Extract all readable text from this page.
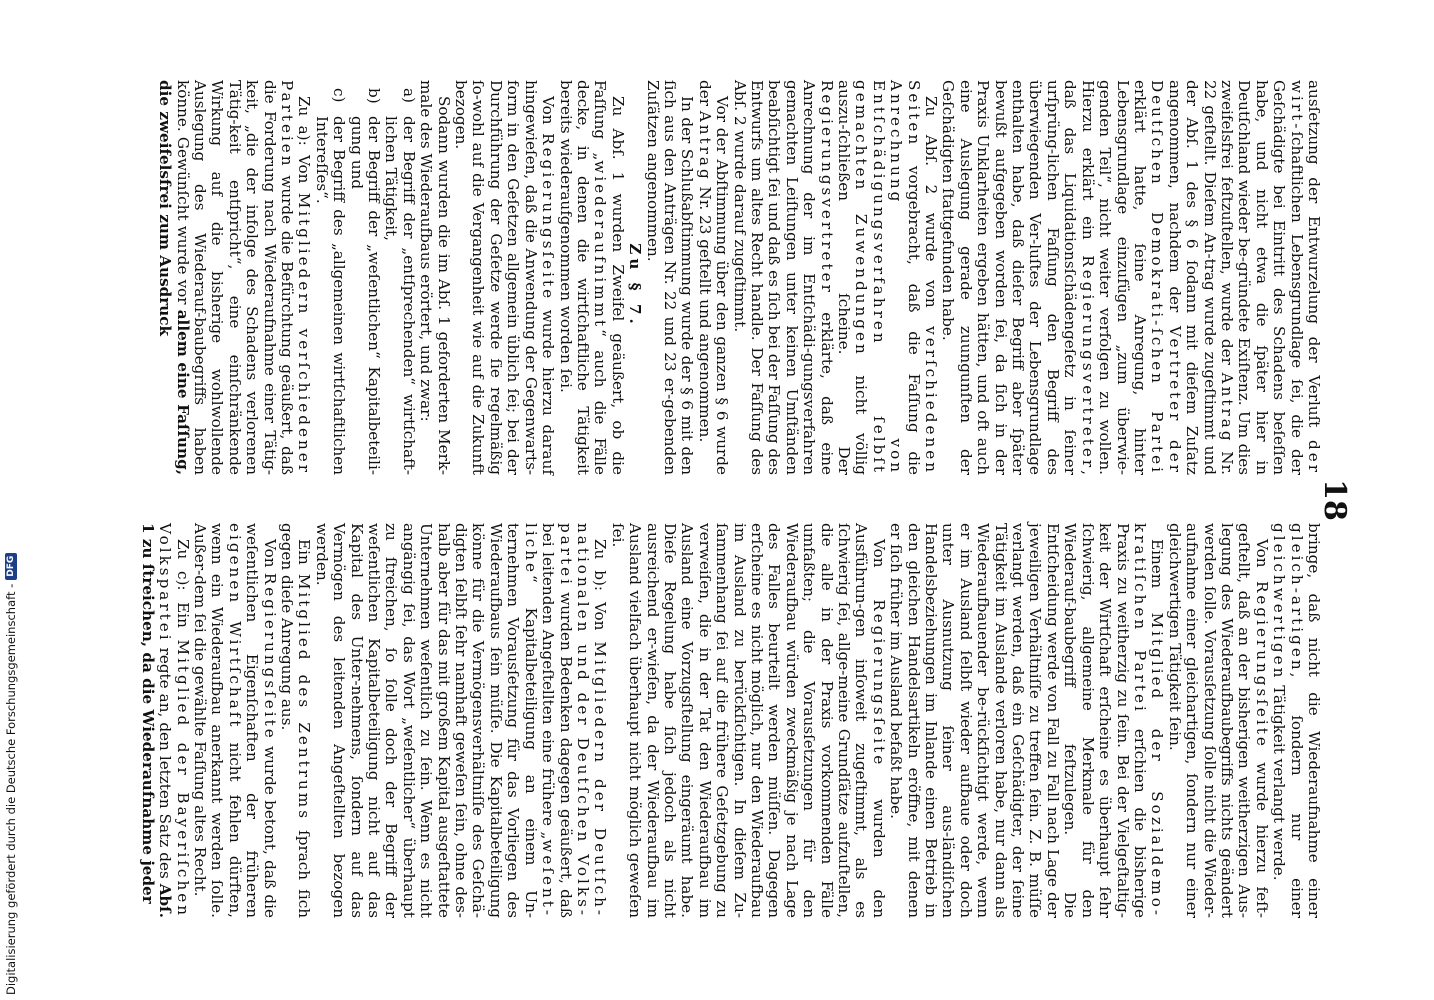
18

ausſetzung der Entwurzelung der Verluſt der wirt-ſchaftlichen Lebensgrundlage ſei, die der Geſchädigte bei Eintritt des Schadens beſeſſen habe, und nicht etwa die ſpäter hier in Deutſchland wieder be-gründete Exiſtenz. Um dies zweifelsfrei feſtzuſtellen, wurde der Antrag Nr. 22 geſtellt. Dieſem An-trag wurde zugeſtimmt und der Abſ. 1 des § 6 ſodann mit dieſem Zuſatz angenommen, nachdem der Vertreter der Deutſchen Demokrati-ſchen Partei erklärt hatte, ſeine Anregung, hinter Lebensgrundlage einzufügen „zum überwie-genden Teil“, nicht weiter verfolgen zu wollen. Hierzu erklärt ein Regierungsvertreter, daß das Liquidationsſchädengeſetz in ſeiner urſprüng-lichen Faſſung den Begriff des überwiegenden Ver-luſtes der Lebensgrundlage enthalten habe, daß dieſer Begriff aber ſpäter bewußt aufgegeben worden ſei, da ſich in der Praxis Unklarheiten ergeben hätten, und oft auch eine Auslegung gerade zuungunſten der Geſchädigten ſtattgefunden habe.

Zu Abſ. 2 wurde von verſchiedenen Seiten vorgebracht, daß die Faſſung die Anrechnung von Entſchädigungsverfahren ſelbſt gemachten Zuwendungen nicht völlig auszu-ſchließen ſcheine. Der Regierungsvertreter erklärte, daß eine Anrechnung der im Entſchädi-gungsverfahren gemachten Leiſtungen unter keinen Umſtänden beabſichtigt ſei und daß es ſich bei der Faſſung des Entwurfs um altes Recht handle. Der Faſſung des Abſ. 2 wurde darauf zugeſtimmt.

Vor der Abſtimmung über den ganzen § 6 wurde der Antrag Nr. 23 geſtellt und angenommen.

In der Schlußabſtimmung wurde der § 6 mit den ſich aus den Anträgen Nr. 22 und 23 er-gebenden Zuſätzen angenommen.

Zu § 7.

Zu Abſ. 1 wurden Zweifel geäußert, ob die Faſſung „wiederaufnimmt“ auch die Fälle decke, in denen die wirtſchaftliche Tätigkeit bereits wiederaufgenommen worden ſei.

Von Regierungsſeite wurde hierzu darauf hingewieſen, daß die Anwendung der Gegenwarts-form in den Geſetzen allgemein üblich ſei; bei der Durchführung der Geſetze werde ſie regelmäßig ſo-wohl auf die Vergangenheit wie auf die Zukunft bezogen.

Sodann wurden die im Abſ. 1 geforderten Merk-male des Wiederaufbaus erörtert, und zwar:

a)
der Begriff der „entſprechenden“ wirtſchaft-lichen Tätigkeit,
b)
der Begriff der „weſentlichen“ Kapitalbeteili-gung und
c)
der Begriff des „allgemeinen wirtſchaftlichen Intereſſes“.

Zu a): Von Mitgliedern verſchiedener Parteien wurde die Befürchtung geäußert, daß die Forderung nach Wiederaufnahme einer Tätig-keit, „die der infolge des Schadens verlorenen Tätig-keit entſpricht“, eine einſchränkende Wirkung auf die bisherige wohlwollende Auslegung des Wiederauf-baubegriffs haben könne. Gewünſcht wurde vor allem eine Faſſung, die zweifelsfrei zum Ausdruck

bringe, daß nicht die Wiederaufnahme einer gleich-artigen, ſondern nur einer gleichwertigen Tätigkeit verlangt werde.

Von Regierungsſeite wurde hierzu feſt-geſtellt, daß an der bisherigen weitherzigen Aus-legung des Wiederaufbaubegriffs nichts geändert werden ſolle. Vorausſetzung ſolle nicht die Wieder-aufnahme einer gleichartigen, ſondern nur einer gleichwertigen Tätigkeit ſein.

Einem Mitglied der Sozialdemo-kratiſchen Partei erſchien die bisherige Praxis zu weitherzig zu ſein. Bei der Vielgeſtaltig-keit der Wirtſchaft erſcheine es überhaupt ſehr ſchwierig, allgemeine Merkmale für den Wiederauf-baubegriff feſtzulegen. Die Entſcheidung werde von Fall zu Fall nach Lage der jeweiligen Verhältniſſe zu treffen ſein. Z. B. müſſe verlangt werden, daß ein Geſchädigter, der ſeine Tätigkeit im Auslande verloren habe, nur dann als Wiederaufbauender be-rückſichtigt werde, wenn er im Ausland ſelbſt wieder aufbaue oder doch unter Ausnutzung ſeiner aus-ländiſchen Handelsbeziehungen im Inlande einen Betrieb in den gleichen Handelsartikeln eröffne, mit denen er ſich früher im Ausland befaßt habe.

Von Regierungsſeite wurden den Ausführun-gen inſoweit zugeſtimmt, als es ſchwierig ſei, allge-meine Grundſätze aufzuſtellen, die alle in der Praxis vorkommenden Fälle umfaßten; die Vorausſetzungen für den Wiederaufbau würden zweckmäßig je nach Lage des Falles beurteilt werden müſſen. Dagegen erſcheine es nicht möglich, nur den Wiederaufbau im Ausland zu berückſichtigen. In dieſem Zu-ſammenhang ſei auf die frühere Geſetzgebung zu verweiſen, die in der Tat den Wiederaufbau im Ausland eine Vorzugsſtellung eingeräumt habe. Dieſe Regelung habe ſich jedoch als nicht ausreichend er-wieſen, da der Wiederaufbau im Ausland vielfach überhaupt nicht möglich geweſen ſei.

Zu b): Von Mitgliedern der Deutſch-nationalen und der Deutſchen Volks-partei wurden Bedenken dagegen geäußert, daß bei leitenden Angeſtellten eine frühere „weſent-liche“ Kapitalbeteiligung an einem Un-ternehmen Vorausſetzung für das Vorliegen des Wiederaufbaus ſein müſſe. Die Kapitalbeteiligung könne für die Vermögensverhältniſſe des Geſchä-digten ſelbſt ſehr namhaft geweſen ſein, ohne des-halb aber für das mit großem Kapital ausgeſtattete Unternehmen weſentlich zu ſein. Wenn es nicht angängig ſei, das Wort „weſentlicher“ überhaupt zu ſtreichen, ſo ſolle doch der Begriff der weſentlichen Kapitalbeteiligung nicht auf das Kapital des Unter-nehmens, ſondern auf das Vermögen des leitenden Angeſtellten bezogen werden.

Ein Mitglied des Zentrums ſprach ſich gegen dieſe Anregung aus.

Von Regierungsſeite wurde betont, daß die weſentlichen Eigenſchaften der früheren eigenen Wirtſchaft nicht fehlen dürften, wenn ein Wiederaufbau anerkannt werden ſolle. Außer-dem ſei die gewählte Faſſung altes Recht.

Zu c): Ein Mitglied der Bayeriſchen Volkspartei regte an, den letzten Satz des Abſ. 1 zu ſtreichen, da die Wiederaufnahme jeder

Digitalisierung gefördert durch die Deutsche Forschungsgemeinschaft -
DFG
